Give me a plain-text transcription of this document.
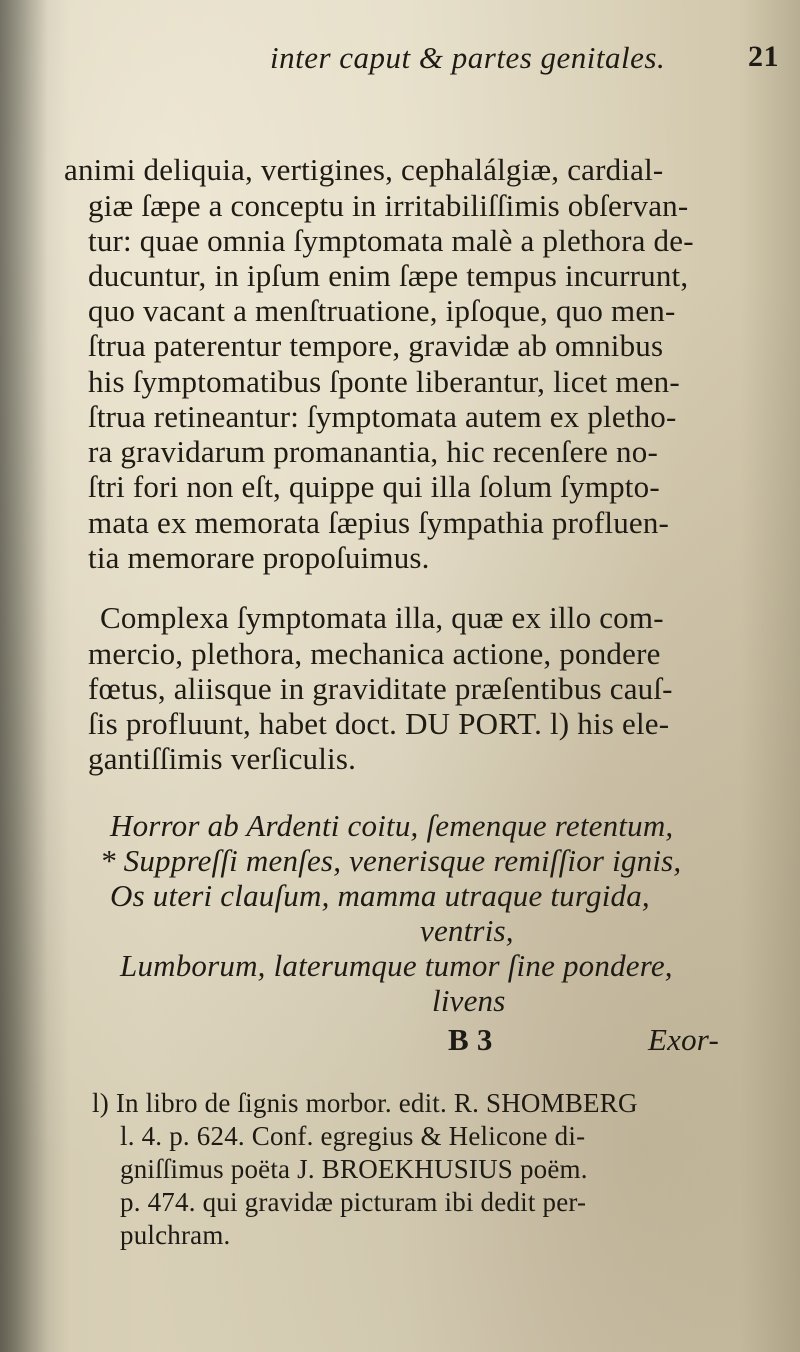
inter caput & partes genitales.	21
animi deliquia, vertigines, cephalálgiæ, cardial-
giæ ſæpe a conceptu in irritabiliſſimis obſervan-
tur: quae omnia ſymptomata malè a plethora de-
ducuntur, in ipſum enim ſæpe tempus incurrunt,
quo vacant a menſtruatione, ipſoque, quo men-
ſtrua paterentur tempore, gravidæ ab omnibus
his ſymptomatibus ſponte liberantur, licet men-
ſtrua retineantur: ſymptomata autem ex pletho-
ra gravidarum promanantia, hic recenſere no-
ſtri fori non eſt, quippe qui illa ſolum ſympto-
mata ex memorata ſæpius ſympathia profluen-
tia memorare propoſuimus.
Complexa ſymptomata illa, quæ ex illo com-
mercio, plethora, mechanica actione, pondere
fœtus, aliisque in graviditate præſentibus cauſ-
ſis profluunt, habet doct. DU PORT. l) his ele-
gantiſſimis verſiculis.
Horror ab Ardenti coitu, ſemenque retentum,
* Suppreſſi menſes, venerisque remiſſior ignis,
Os uteri clauſum, mamma utraque turgida,
ventris,
Lumborum, laterumque tumor ſine pondere,
livens
B 3	Exor-
l) In libro de ſignis morbor. edit. R. SHOMBERG
l. 4. p. 624. Conf. egregius & Helicone di-
gniſſimus poëta J. BROEKHUSIUS poëm.
p. 474. qui gravidæ picturam ibi dedit per-
pulchram.
